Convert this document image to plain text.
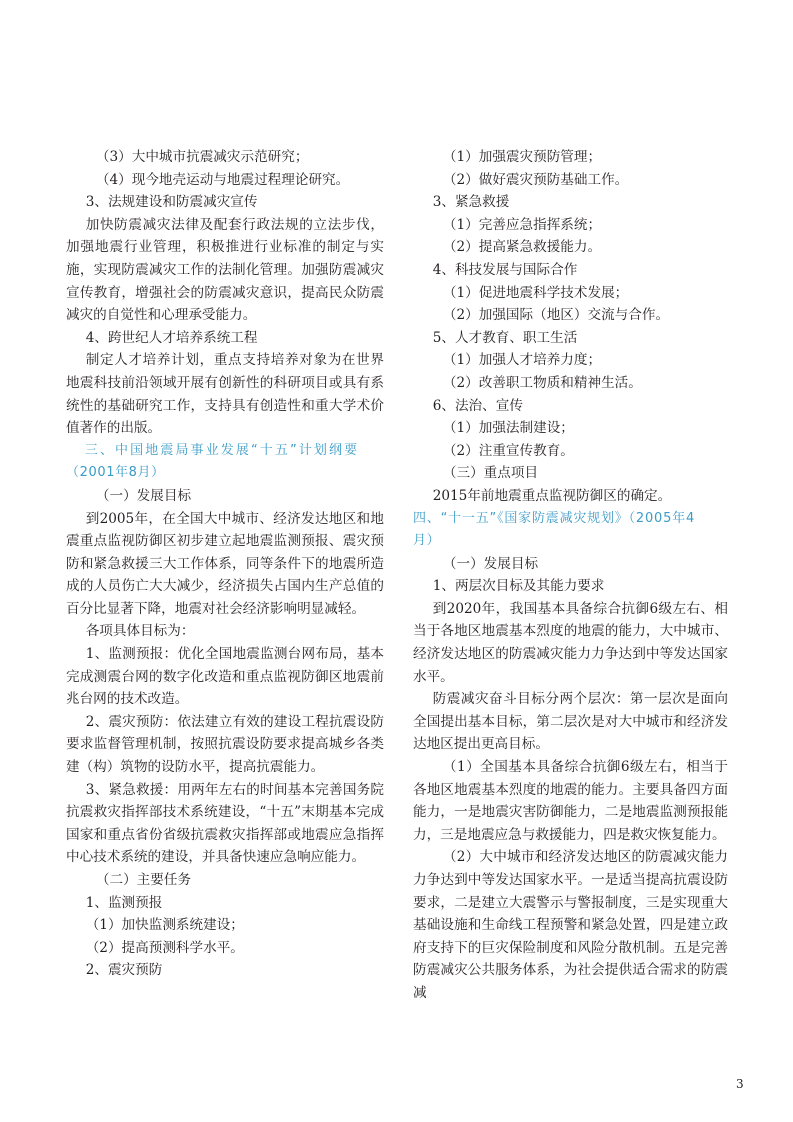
（3）大中城市抗震减灾示范研究；

（4）现今地壳运动与地震过程理论研究。

3、法规建设和防震减灾宣传

加快防震减灾法律及配套行政法规的立法步伐，加强地震行业管理，积极推进行业标准的制定与实施，实现防震减灾工作的法制化管理。加强防震减灾宣传教育，增强社会的防震减灾意识，提高民众防震减灾的自觉性和心理承受能力。

4、跨世纪人才培养系统工程

制定人才培养计划，重点支持培养对象为在世界地震科技前沿领域开展有创新性的科研项目或具有系统性的基础研究工作，支持具有创造性和重大学术价值著作的出版。

三、中国地震局事业发展“十五”计划纲要

（2001年8月）

（一）发展目标

到2005年，在全国大中城市、经济发达地区和地震重点监视防御区初步建立起地震监测预报、震灾预防和紧急救援三大工作体系，同等条件下的地震所造成的人员伤亡大大减少，经济损失占国内生产总值的百分比显著下降，地震对社会经济影响明显减轻。

各项具体目标为：

1、监测预报：优化全国地震监测台网布局，基本完成测震台网的数字化改造和重点监视防御区地震前兆台网的技术改造。

2、震灾预防：依法建立有效的建设工程抗震设防要求监督管理机制，按照抗震设防要求提高城乡各类建（构）筑物的设防水平，提高抗震能力。

3、紧急救援：用两年左右的时间基本完善国务院抗震救灾指挥部技术系统建设，“十五”末期基本完成国家和重点省份省级抗震救灾指挥部或地震应急指挥中心技术系统的建设，并具备快速应急响应能力。

（二）主要任务

1、监测预报

（1）加快监测系统建设；

（2）提高预测科学水平。

2、震灾预防

（1）加强震灾预防管理；

（2）做好震灾预防基础工作。

3、紧急救援

（1）完善应急指挥系统；

（2）提高紧急救援能力。

4、科技发展与国际合作

（1）促进地震科学技术发展；

（2）加强国际（地区）交流与合作。

5、人才教育、职工生活

（1）加强人才培养力度；

（2）改善职工物质和精神生活。

6、法治、宣传

（1）加强法制建设；

（2）注重宣传教育。

（三）重点项目

2015年前地震重点监视防御区的确定。

四、“十一五”《国家防震减灾规划》（2005年4

月）

（一）发展目标

1、两层次目标及其能力要求

到2020年，我国基本具备综合抗御6级左右、相当于各地区地震基本烈度的地震的能力，大中城市、经济发达地区的防震减灾能力力争达到中等发达国家水平。

防震减灾奋斗目标分两个层次：第一层次是面向全国提出基本目标，第二层次是对大中城市和经济发达地区提出更高目标。

（1）全国基本具备综合抗御6级左右，相当于各地区地震基本烈度的地震的能力。主要具备四方面能力，一是地震灾害防御能力，二是地震监测预报能力，三是地震应急与救援能力，四是救灾恢复能力。

（2）大中城市和经济发达地区的防震减灾能力力争达到中等发达国家水平。一是适当提高抗震设防要求，二是建立大震警示与警报制度，三是实现重大基础设施和生命线工程预警和紧急处置，四是建立政府支持下的巨灾保险制度和风险分散机制。五是完善防震减灾公共服务体系，为社会提供适合需求的防震减

3
